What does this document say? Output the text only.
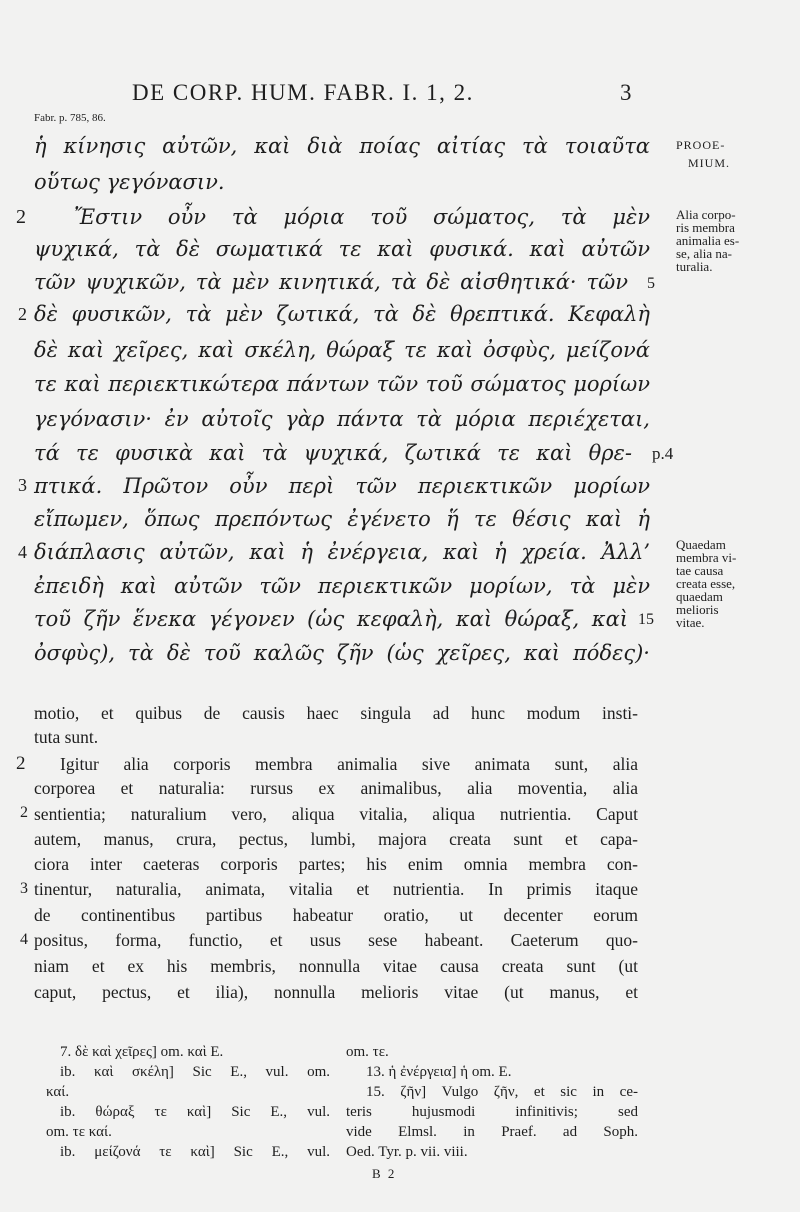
DE CORP. HUM. FABR. I. 1, 2.	3
Fabr. p. 785, 86.
ἡ κίνησις αὐτῶν, καὶ διὰ ποίας αἰτίας τὰ τοιαῦτα
οὕτως γεγόνασιν.
Ἔστιν οὖν τὰ μόρια τοῦ σώματος, τὰ μὲν
ψυχικά, τὰ δὲ σωματικά τε καὶ φυσικά. καὶ αὐτῶν
τῶν ψυχικῶν, τὰ μὲν κινητικά, τὰ δὲ αἰσθητικά· τῶν
δὲ φυσικῶν, τὰ μὲν ζωτικά, τὰ δὲ θρεπτικά. Κεφαλὴ
δὲ καὶ χεῖρες, καὶ σκέλη, θώραξ τε καὶ ὀσφὺς, μείζονά
τε καὶ περιεκτικώτερα πάντων τῶν τοῦ σώματος μορίων
γεγόνασιν· ἐν αὐτοῖς γὰρ πάντα τὰ μόρια περιέχεται,
τά τε φυσικὰ καὶ τὰ ψυχικά, ζωτικά τε καὶ θρε-
πτικά. Πρῶτον οὖν περὶ τῶν περιεκτικῶν μορίων
εἴπωμεν, ὅπως πρεπόντως ἐγένετο ἥ τε θέσις καὶ ἡ
διάπλασις αὐτῶν, καὶ ἡ ἐνέργεια, καὶ ἡ χρεία. Ἀλλ’
ἐπειδὴ καὶ αὐτῶν τῶν περιεκτικῶν μορίων, τὰ μὲν
τοῦ ζῆν ἕνεκα γέγονεν (ὡς κεφαλὴ, καὶ θώραξ, καὶ
ὀσφὺς), τὰ δὲ τοῦ καλῶς ζῆν (ὡς χεῖρες, καὶ πόδες)·
2
2
3
4
5
p.4
15
PROOE-
MIUM.
Alia corpo-
ris membra
animalia es-
se, alia na-
turalia.
Quaedam
membra vi-
tae causa
creata esse,
quaedam
melioris
vitae.
motio, et quibus de causis haec singula ad hunc modum insti-
tuta sunt.
Igitur alia corporis membra animalia sive animata sunt, alia
corporea et naturalia: rursus ex animalibus, alia moventia, alia
sentientia; naturalium vero, aliqua vitalia, aliqua nutrientia. Caput
autem, manus, crura, pectus, lumbi, majora creata sunt et capa-
ciora inter caeteras corporis partes; his enim omnia membra con-
tinentur, naturalia, animata, vitalia et nutrientia. In primis itaque
de continentibus partibus habeatur oratio, ut decenter eorum
positus, forma, functio, et usus sese habeant. Caeterum quo-
niam et ex his membris, nonnulla vitae causa creata sunt (ut
caput, pectus, et ilia), nonnulla melioris vitae (ut manus, et
2
2
3
4
7. δὲ καὶ χεῖρες] om. καὶ E.
ib. καὶ σκέλη] Sic E., vul. om.
καί.
ib. θώραξ τε καὶ] Sic E., vul.
om. τε καί.
ib. μείζονά τε καὶ] Sic E., vul.
om. τε.
13. ἡ ἐνέργεια] ἡ om. E.
15. ζῆν] Vulgo ζῆν, et sic in ce-
teris hujusmodi infinitivis; sed
vide Elmsl. in Praef. ad Soph.
Oed. Tyr. p. vii. viii.
B 2
